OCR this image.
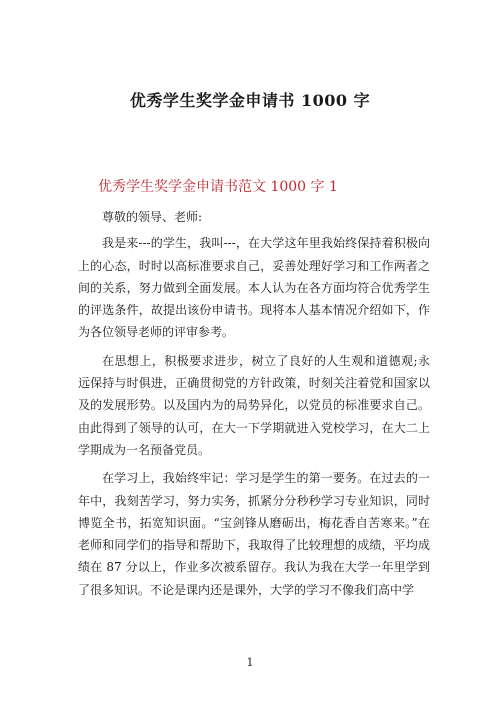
优秀学生奖学金申请书 1000 字
优秀学生奖学金申请书范文 1000 字 1

尊敬的领导、老师:

我是来---的学生，我叫---，在大学这年里我始终保持着积极向上的心态，时时以高标准要求自己，妥善处理好学习和工作两者之间的关系，努力做到全面发展。本人认为在各方面均符合优秀学生的评选条件，故提出该份申请书。现将本人基本情况介绍如下，作为各位领导老师的评审参考。

在思想上，积极要求进步，树立了良好的人生观和道德观;永远保持与时俱进，正确贯彻党的方针政策，时刻关注着党和国家以及的发展形势。以及国内为的局势异化，以党员的标准要求自己。由此得到了领导的认可，在大一下学期就进入党校学习，在大二上学期成为一名预备党员。

在学习上，我始终牢记：学习是学生的第一要务。在过去的一年中，我刻苦学习，努力实务，抓紧分分秒秒学习专业知识，同时博览全书，拓宽知识面。“宝剑锋从磨砺出，梅花香自苦寒来。”在老师和同学们的指导和帮助下，我取得了比较理想的成绩，平均成绩在 87 分以上，作业多次被系留存。我认为我在大学一年里学到了很多知识。不论是课内还是课外，大学的学习不像我们高中学

1
